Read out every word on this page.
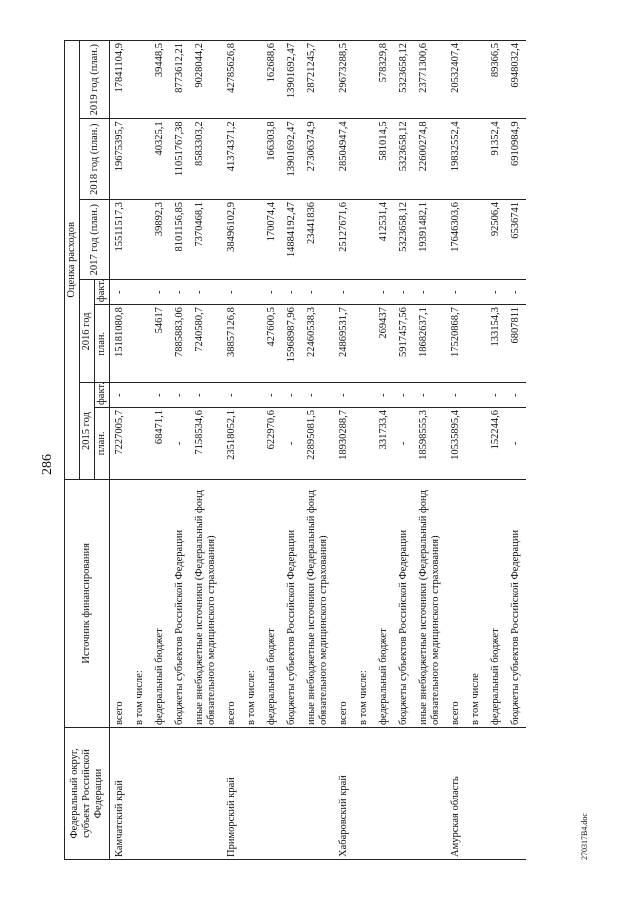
286
Федеральный округ, субъект Российской Федерации	Источник финансирования	Оценка расходов						
		2015 год		2016 год		2017 год (план.)	2018 год (план.)	2019 год (план.)
		план.	факт.	план.	факт.			
Камчатский край	всего	7227005,7	-	15181080,8	-	15511517,3	19675395,7	17841104,9
	в том числе:							
	федеральный бюджет	68471,1	-	54617	-	39892,3	40325,1	39448,5
	бюджеты субъектов Российской Федерации	-	-	7885883,06	-	8101156,85	11051767,38	8773612,21
	иные внебюджетные источники (Федеральный фонд обязательного медицинского страхования)	7158534,6	-	7240580,7	-	7370468,1	8583303,2	9028044,2
Приморский край	всего	23518052,1	-	38857126,8	-	38496102,9	41374371,2	42785626,8
	в том числе:							
	федеральный бюджет	622970,6	-	427600,5	-	170074,4	166303,8	162688,6
	бюджеты субъектов Российской Федерации	-	-	15968987,96	-	14884192,47	13901692,47	13901692,47
	иные внебюджетные источники (Федеральный фонд обязательного медицинского страхования)	22895081,5	-	22460538,3	-	23441836	27306374,9	28721245,7
Хабаровский край	всего	18930288,7	-	24869531,7	-	25127671,6	28504947,4	29673288,5
	в том числе:							
	федеральный бюджет	331733,4	-	269437	-	412531,4	581014,5	578329,8
	бюджеты субъектов Российской Федерации	-	-	5917457,56	-	5323658,12	5323658,12	5323658,12
	иные внебюджетные источники (Федеральный фонд обязательного медицинского страхования)	18598555,3	-	18682637,1	-	19391482,1	22600274,8	23771300,6
Амурская область	всего	10535895,4	-	17520868,7	-	17646303,6	19832552,4	20532407,4
	в том числе							
	федеральный бюджет	152244,6	-	133154,3	-	92506,4	91352,4	89366,5
	бюджеты субъектов Российской Федерации	-	-	6807811	-	6536741	6910984,9	6948032,4
270317B4.doc
